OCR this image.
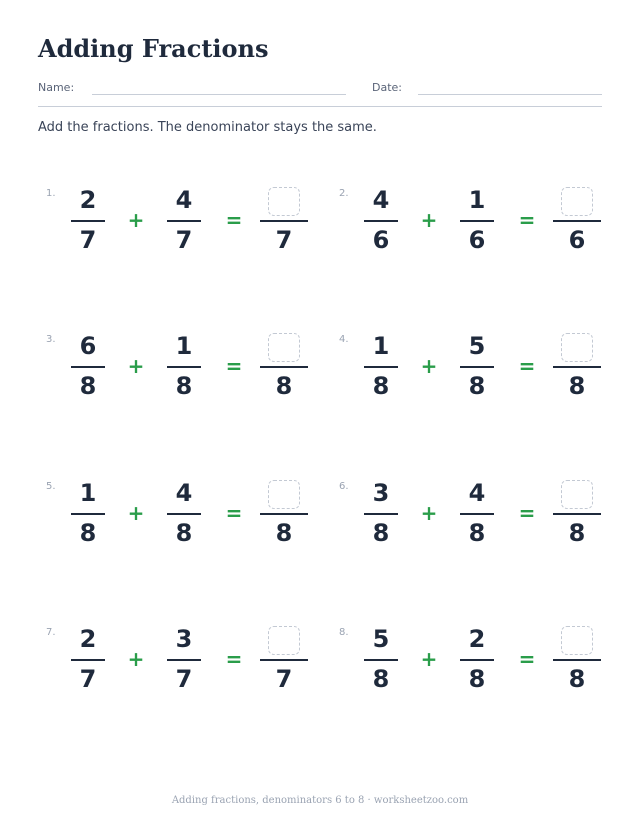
Adding Fractions
Name:	Date:
Add the fractions. The denominator stays the same.
1.	2
7
+
4
7
=
7
2.	4
6
+
1
6
=
6
3.	6
8
+
1
8
=
8
4.	1
8
+
5
8
=
8
5.	1
8
+
4
8
=
8
6.	3
8
+
4
8
=
8
7.	2
7
+
3
7
=
7
8.	5
8
+
2
8
=
8
Adding fractions, denominators 6 to 8 · worksheetzoo.com
